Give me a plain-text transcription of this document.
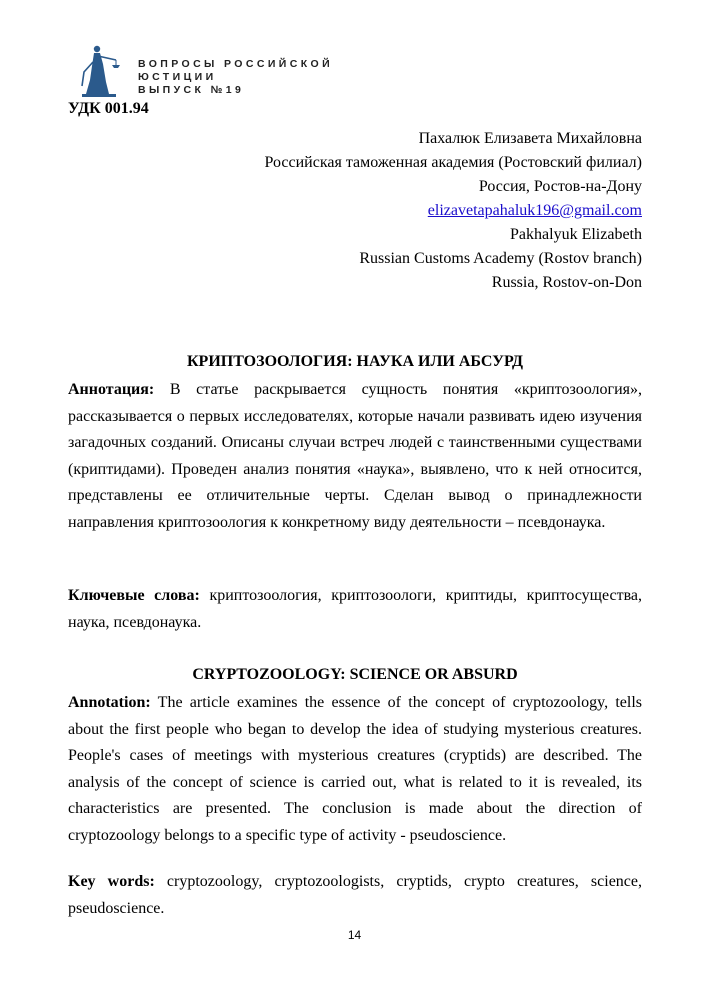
ВОПРОСЫ РОССИЙСКОЙ ЮСТИЦИИ
ВЫПУСК №19
УДК 001.94
Пахалюк Елизавета Михайловна
Российская таможенная академия (Ростовский филиал)
Россия, Ростов-на-Дону
elizavetapahaluk196@gmail.com
Pakhalyuk Elizabeth
Russian Customs Academy (Rostov branch)
Russia, Rostov-on-Don
КРИПТОЗООЛОГИЯ: НАУКА ИЛИ АБСУРД

Аннотация: В статье раскрывается сущность понятия «криптозоология», рассказывается о первых исследователях, которые начали развивать идею изучения загадочных созданий. Описаны случаи встреч людей с таинственными существами (криптидами). Проведен анализ понятия «наука», выявлено, что к ней относится, представлены ее отличительные черты. Сделан вывод о принадлежности направления криптозоология к конкретному виду деятельности – псевдонаука.

Ключевые слова: криптозоология, криптозоологи, криптиды, криптосущества, наука, псевдонаука.

CRYPTOZOOLOGY: SCIENCE OR ABSURD

Annotation: The article examines the essence of the concept of cryptozoology, tells about the first people who began to develop the idea of studying mysterious creatures. People's cases of meetings with mysterious creatures (cryptids) are described. The analysis of the concept of science is carried out, what is related to it is revealed, its characteristics are presented. The conclusion is made about the direction of cryptozoology belongs to a specific type of activity - pseudoscience.

Key words: cryptozoology, cryptozoologists, cryptids, crypto creatures, science, pseudoscience.

14
